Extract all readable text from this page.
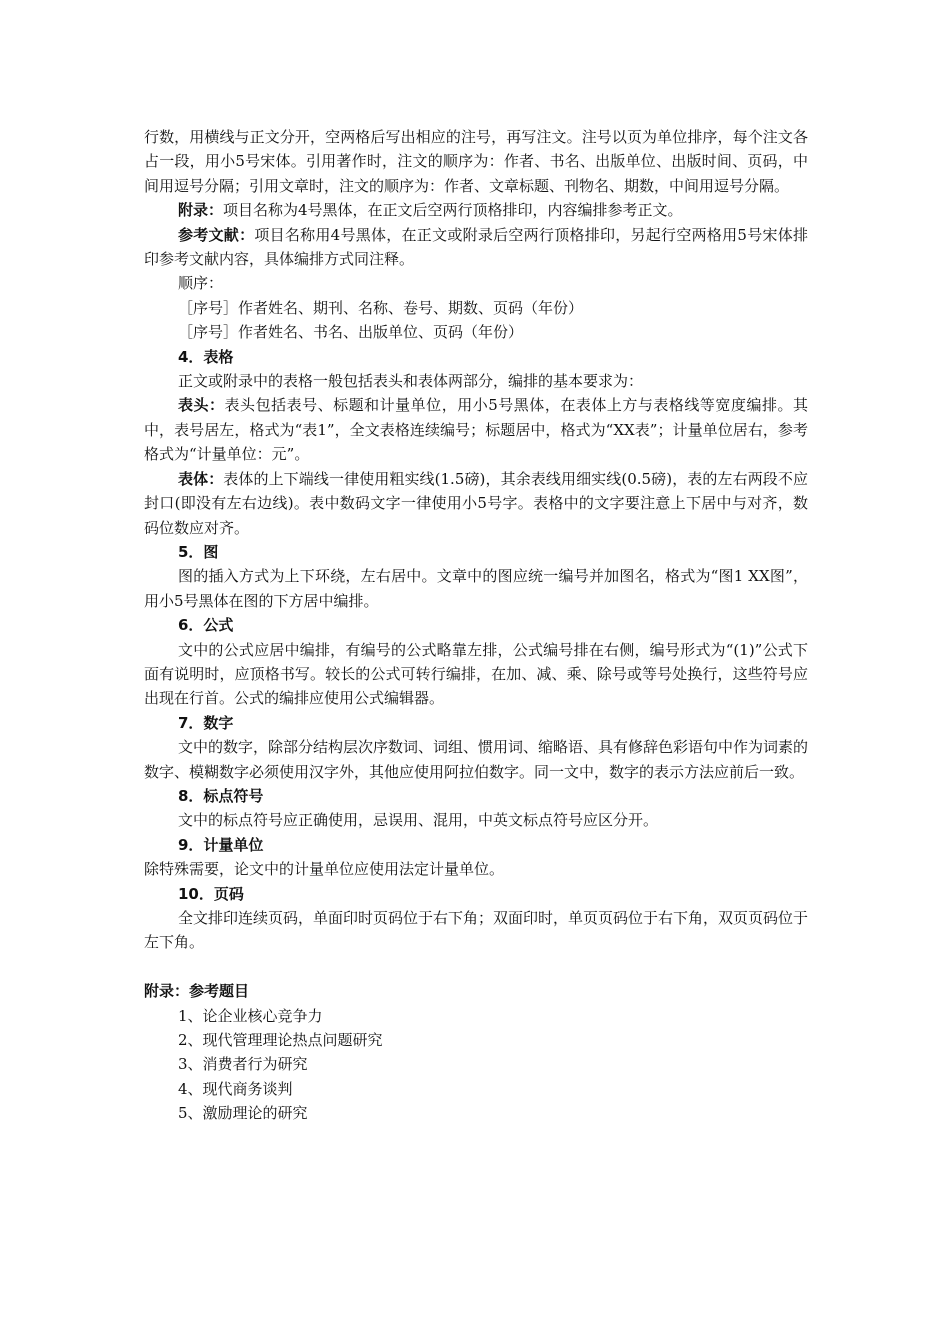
行数，用横线与正文分开，空两格后写出相应的注号，再写注文。注号以页为单位排序，每个注文各占一段，用小5号宋体。引用著作时，注文的顺序为：作者、书名、出版单位、出版时间、页码，中间用逗号分隔；引用文章时，注文的顺序为：作者、文章标题、刊物名、期数，中间用逗号分隔。

附录：项目名称为4号黑体，在正文后空两行顶格排印，内容编排参考正文。

参考文献：项目名称用4号黑体，在正文或附录后空两行顶格排印，另起行空两格用5号宋体排印参考文献内容，具体编排方式同注释。

顺序：

［序号］作者姓名、期刊、名称、卷号、期数、页码（年份）

［序号］作者姓名、书名、出版单位、页码（年份）

4．表格

正文或附录中的表格一般包括表头和表体两部分，编排的基本要求为：

表头：表头包括表号、标题和计量单位，用小5号黑体，在表体上方与表格线等宽度编排。其中，表号居左，格式为“表1”，全文表格连续编号；标题居中，格式为“XX表”；计量单位居右，参考格式为“计量单位：元”。

表体：表体的上下端线一律使用粗实线(1.5磅)，其余表线用细实线(0.5磅)，表的左右两段不应封口(即没有左右边线)。表中数码文字一律使用小5号字。表格中的文字要注意上下居中与对齐，数码位数应对齐。

5．图

图的插入方式为上下环绕，左右居中。文章中的图应统一编号并加图名，格式为“图1 XX图”，用小5号黑体在图的下方居中编排。

6．公式

文中的公式应居中编排，有编号的公式略靠左排，公式编号排在右侧，编号形式为“(1)”公式下面有说明时，应顶格书写。较长的公式可转行编排，在加、减、乘、除号或等号处换行，这些符号应出现在行首。公式的编排应使用公式编辑器。

7．数字

文中的数字，除部分结构层次序数词、词组、惯用词、缩略语、具有修辞色彩语句中作为词素的数字、模糊数字必须使用汉字外，其他应使用阿拉伯数字。同一文中，数字的表示方法应前后一致。

8．标点符号

文中的标点符号应正确使用，忌误用、混用，中英文标点符号应区分开。

9．计量单位

除特殊需要，论文中的计量单位应使用法定计量单位。

10．页码

全文排印连续页码，单面印时页码位于右下角；双面印时，单页页码位于右下角，双页页码位于左下角。

附录：参考题目

1、论企业核心竞争力

2、现代管理理论热点问题研究

3、消费者行为研究

4、现代商务谈判

5、激励理论的研究
